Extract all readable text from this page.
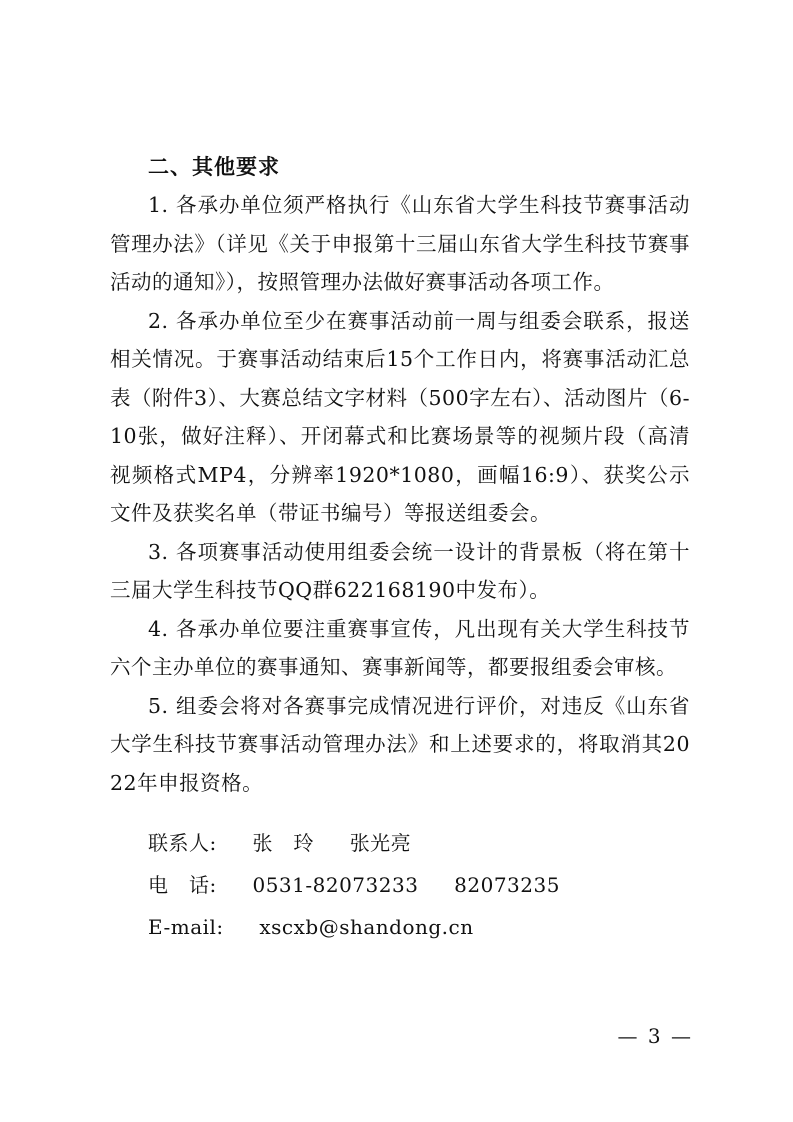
二、其他要求

1. 各承办单位须严格执行《山东省大学生科技节赛事活动管理办法》（详见《关于申报第十三届山东省大学生科技节赛事活动的通知》），按照管理办法做好赛事活动各项工作。

2. 各承办单位至少在赛事活动前一周与组委会联系，报送相关情况。于赛事活动结束后15个工作日内，将赛事活动汇总表（附件3）、大赛总结文字材料（500字左右）、活动图片（6-10张，做好注释）、开闭幕式和比赛场景等的视频片段（高清视频格式MP4，分辨率1920*1080，画幅16:9）、获奖公示文件及获奖名单（带证书编号）等报送组委会。

3. 各项赛事活动使用组委会统一设计的背景板（将在第十三届大学生科技节QQ群622168190中发布）。

4. 各承办单位要注重赛事宣传，凡出现有关大学生科技节六个主办单位的赛事通知、赛事新闻等，都要报组委会审核。

5. 组委会将对各赛事完成情况进行评价，对违反《山东省大学生科技节赛事活动管理办法》和上述要求的，将取消其2022年申报资格。

联系人: 张　玲 张光亮
电　话: 0531-82073233 82073235
E-mail: xscxb@shandong.cn
— 3 —
